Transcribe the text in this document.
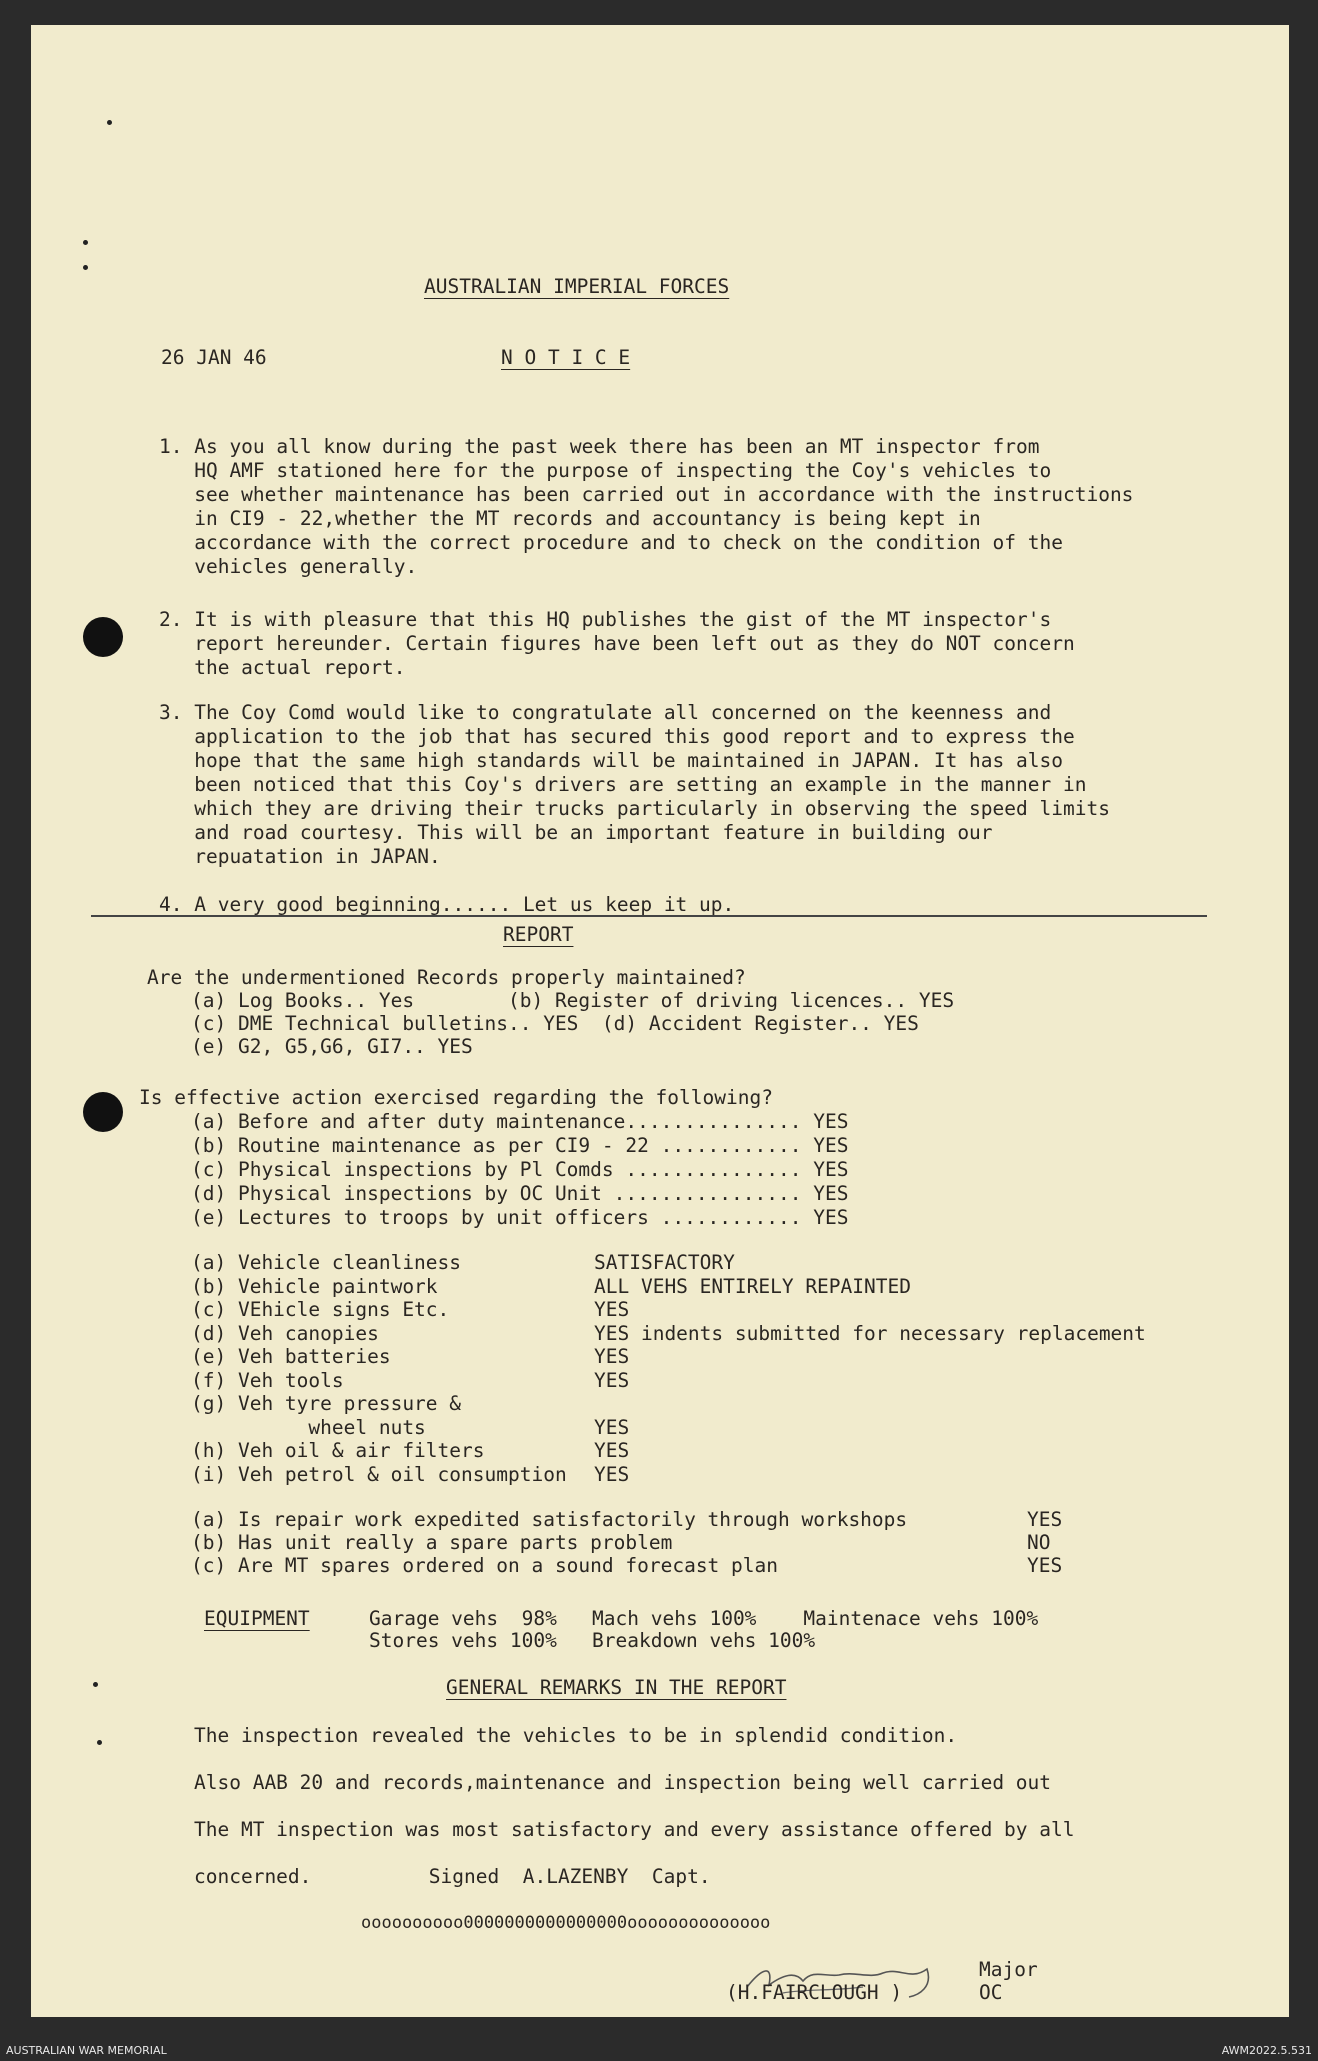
AUSTRALIAN IMPERIAL FORCES
26 JAN 46	N O T I C E
1. As you all know during the past week there has been an MT inspector from
HQ AMF stationed here for the purpose of inspecting the Coy's vehicles to
see whether maintenance has been carried out in accordance with the instructions
in CI9 - 22,whether the MT records and accountancy is being kept in
accordance with the correct procedure and to check on the condition of the
vehicles generally.
2. It is with pleasure that this HQ publishes the gist of the MT inspector's
report hereunder. Certain figures have been left out as they do NOT concern
the actual report.
3. The Coy Comd would like to congratulate all concerned on the keenness and
application to the job that has secured this good report and to express the
hope that the same high standards will be maintained in JAPAN. It has also
been noticed that this Coy's drivers are setting an example in the manner in
which they are driving their trucks particularly in observing the speed limits
and road courtesy. This will be an important feature in building our
repuatation in JAPAN.
4. A very good beginning...... Let us keep it up.
REPORT
Are the undermentioned Records properly maintained?
(a) Log Books.. Yes        (b) Register of driving licences.. YES
(c) DME Technical bulletins.. YES  (d) Accident Register.. YES
(e) G2, G5,G6, GI7.. YES
Is effective action exercised regarding the following?
(a) Before and after duty maintenance............... YES
(b) Routine maintenance as per CI9 - 22 ............ YES
(c) Physical inspections by Pl Comds ............... YES
(d) Physical inspections by OC Unit ................ YES
(e) Lectures to troops by unit officers ............ YES
(a) Vehicle cleanliness	SATISFACTORY
(b) Vehicle paintwork	ALL VEHS ENTIRELY REPAINTED
(c) VEhicle signs Etc.	YES
(d) Veh canopies	YES indents submitted for necessary replacement
(e) Veh batteries	YES
(f) Veh tools	YES
(g) Veh tyre pressure &
wheel nuts	YES
(h) Veh oil & air filters	YES
(i) Veh petrol & oil consumption YES
(a) Is repair work expedited satisfactorily through workshops	YES
(b) Has unit really a spare parts problem	NO
(c) Are MT spares ordered on a sound forecast plan	YES
EQUIPMENT	Garage vehs  98%   Mach vehs 100%    Maintenace vehs 100%
Stores vehs 100%   Breakdown vehs 100%
GENERAL REMARKS IN THE REPORT
The inspection revealed the vehicles to be in splendid condition.
Also AAB 20 and records,maintenance and inspection being well carried out
The MT inspection was most satisfactory and every assistance offered by all
concerned.          Signed  A.LAZENBY  Capt.
oooooooooo0000000000000000oooooooooooooo
(H.FAIRCLOUGH )
Major
OC
AUSTRALIAN WAR MEMORIAL	AWM2022.5.531
